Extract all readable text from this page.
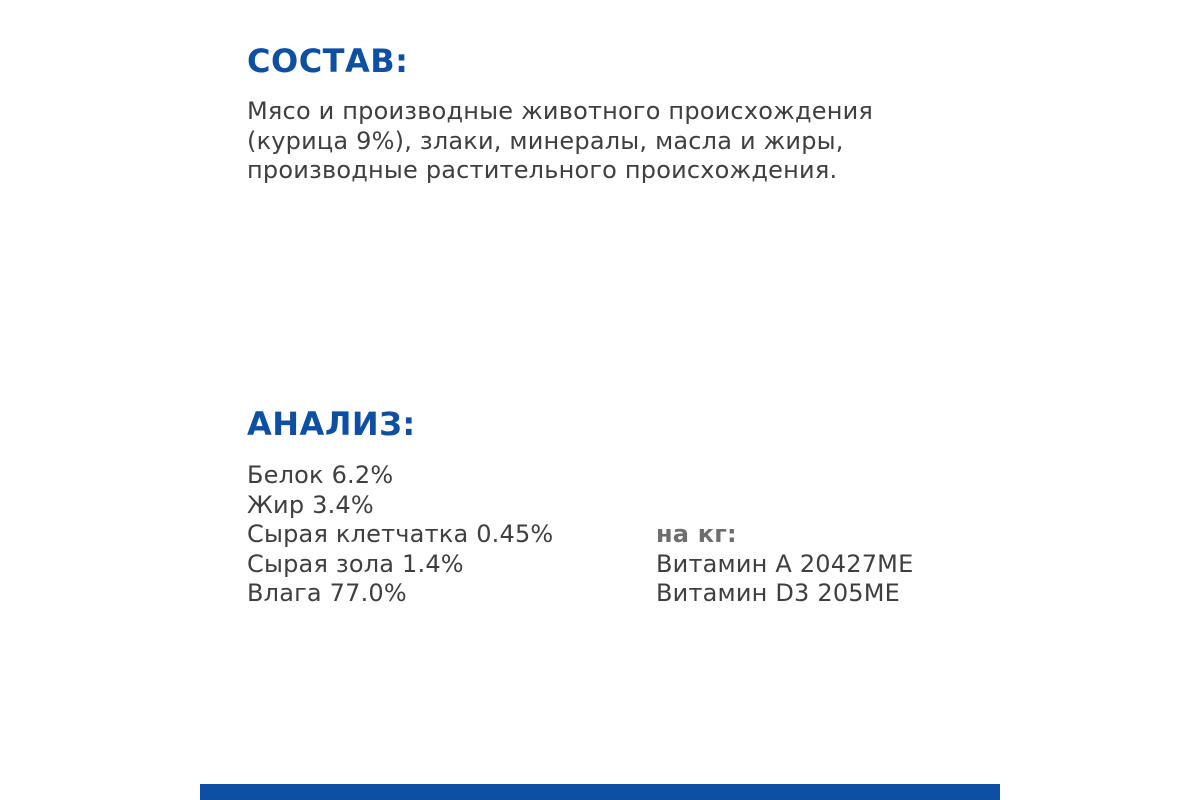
СОСТАВ:

Мясо и производные животного происхождения (курица 9%), злаки, минералы, масла и жиры, производные растительного происхождения.

АНАЛИЗ:
Белок 6.2%
Жир 3.4%
Сырая клетчатка 0.45%
Сырая зола 1.4%
Влага 77.0%
на кг:
Витамин А 20427МЕ
Витамин D3 205МЕ
